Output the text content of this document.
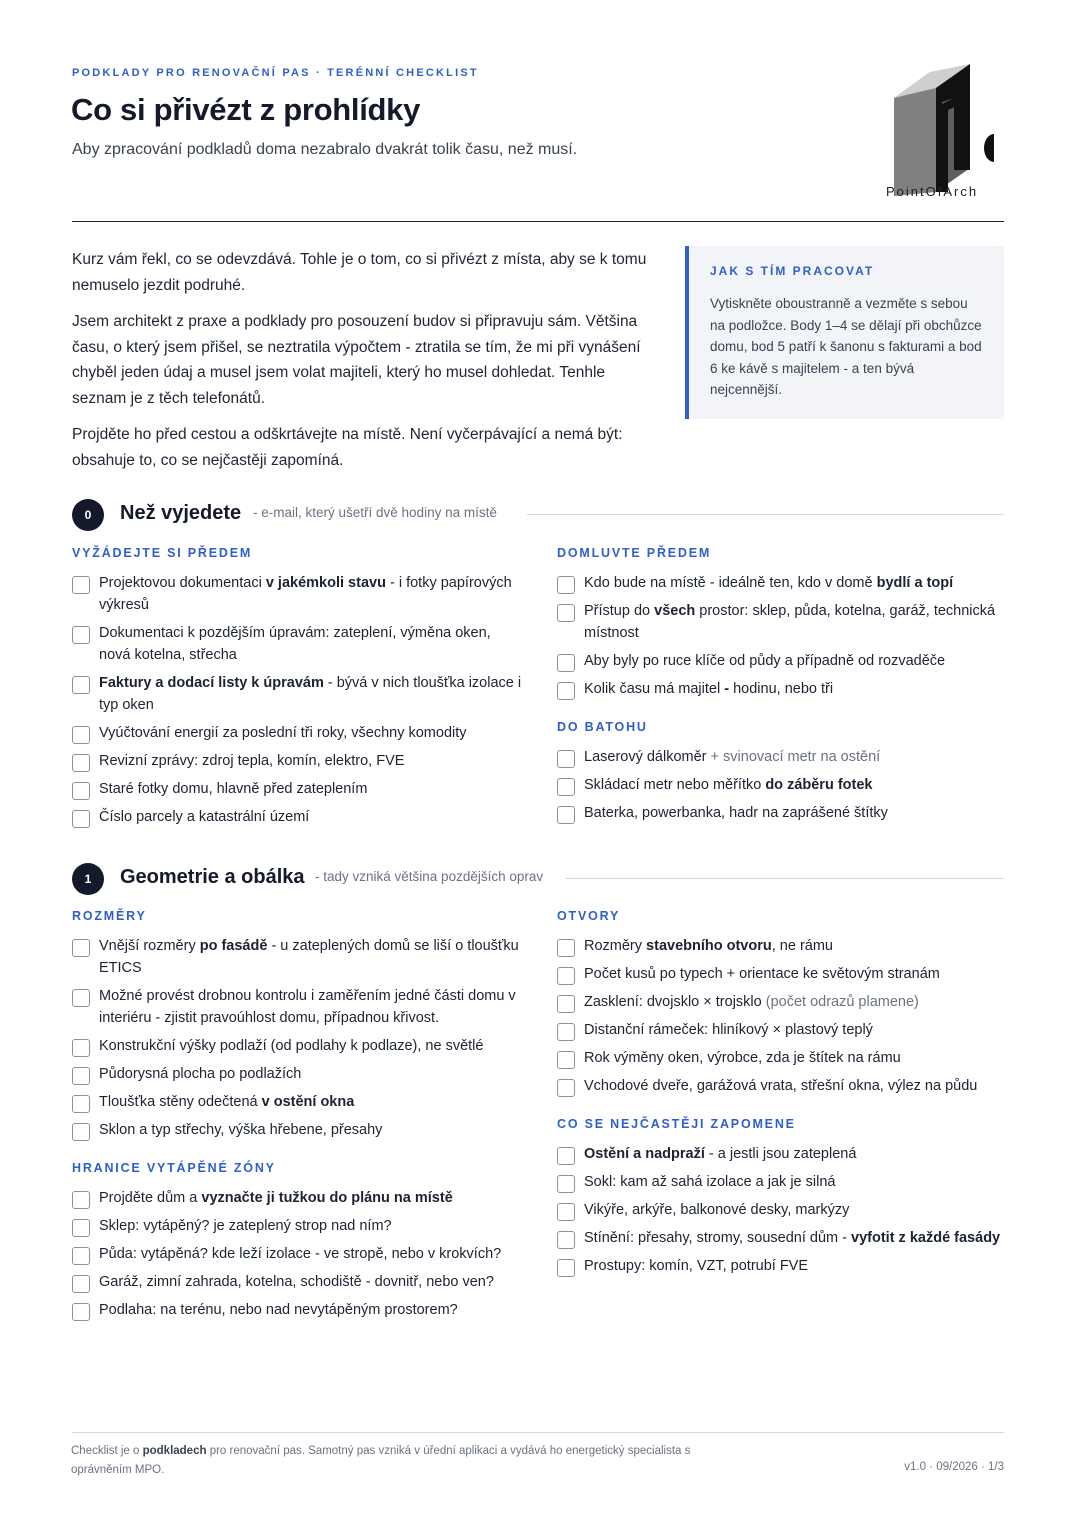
PODKLADY PRO RENOVAČNÍ PAS · TERÉNNÍ CHECKLIST
Co si přivézt z prohlídky
Aby zpracování podkladů doma nezabralo dvakrát tolik času, než musí.
PointOfArch

Kurz vám řekl, co se odevzdává. Tohle je o tom, co si přivézt z místa, aby se k tomu nemuselo jezdit podruhé.

Jsem architekt z praxe a podklady pro posouzení budov si připravuju sám. Většina času, o který jsem přišel, se neztratila výpočtem - ztratila se tím, že mi při vynášení chyběl jeden údaj a musel jsem volat majiteli, který ho musel dohledat. Tenhle seznam je z těch telefonátů.

Projděte ho před cestou a odškrtávejte na místě. Není vyčerpávající a nemá být: obsahuje to, co se nejčastěji zapomíná.

JAK S TÍM PRACOVAT
Vytiskněte oboustranně a vezměte s sebou na podložce. Body 1–4 se dělají při obchůzce domu, bod 5 patří k šanonu s fakturami a bod 6 ke kávě s majitelem - a ten bývá nejcennější.
0	Než vyjedete - e-mail, který ušetří dvě hodiny na místě
VYŽÁDEJTE SI PŘEDEM
Projektovou dokumentaci v jakémkoli stavu - i fotky papírových výkresů
Dokumentaci k pozdějším úpravám: zateplení, výměna oken, nová kotelna, střecha
Faktury a dodací listy k úpravám - bývá v nich tloušťka izolace i typ oken
Vyúčtování energií za poslední tři roky, všechny komodity
Revizní zprávy: zdroj tepla, komín, elektro, FVE
Staré fotky domu, hlavně před zateplením
Číslo parcely a katastrální území
DOMLUVTE PŘEDEM
Kdo bude na místě - ideálně ten, kdo v domě bydlí a topí
Přístup do všech prostor: sklep, půda, kotelna, garáž, technická místnost
Aby byly po ruce klíče od půdy a případně od rozvaděče
Kolik času má majitel - hodinu, nebo tři
DO BATOHU
Laserový dálkoměr + svinovací metr na ostění
Skládací metr nebo měřítko do záběru fotek
Baterka, powerbanka, hadr na zaprášené štítky
1	Geometrie a obálka - tady vzniká většina pozdějších oprav
ROZMĚRY
Vnější rozměry po fasádě - u zateplených domů se liší o tloušťku ETICS
Možné provést drobnou kontrolu i zaměřením jedné části domu v interiéru - zjistit pravoúhlost domu, případnou křivost.
Konstrukční výšky podlaží (od podlahy k podlaze), ne světlé
Půdorysná plocha po podlažích
Tloušťka stěny odečtená v ostění okna
Sklon a typ střechy, výška hřebene, přesahy
HRANICE VYTÁPĚNÉ ZÓNY
Projděte dům a vyznačte ji tužkou do plánu na místě
Sklep: vytápěný? je zateplený strop nad ním?
Půda: vytápěná? kde leží izolace - ve stropě, nebo v krokvích?
Garáž, zimní zahrada, kotelna, schodiště - dovnitř, nebo ven?
Podlaha: na terénu, nebo nad nevytápěným prostorem?
OTVORY
Rozměry stavebního otvoru, ne rámu
Počet kusů po typech + orientace ke světovým stranám
Zasklení: dvojsklo × trojsklo (počet odrazů plamene)
Distanční rámeček: hliníkový × plastový teplý
Rok výměny oken, výrobce, zda je štítek na rámu
Vchodové dveře, garážová vrata, střešní okna, výlez na půdu
CO SE NEJČASTĚJI ZAPOMENE
Ostění a nadpraží - a jestli jsou zateplená
Sokl: kam až sahá izolace a jak je silná
Vikýře, arkýře, balkonové desky, markýzy
Stínění: přesahy, stromy, sousední dům - vyfotit z každé fasády
Prostupy: komín, VZT, potrubí FVE
Checklist je o podkladech pro renovační pas. Samotný pas vzniká v úřední aplikaci a vydává ho energetický specialista s oprávněním MPO.	v1.0 · 09/2026 · 1/3
